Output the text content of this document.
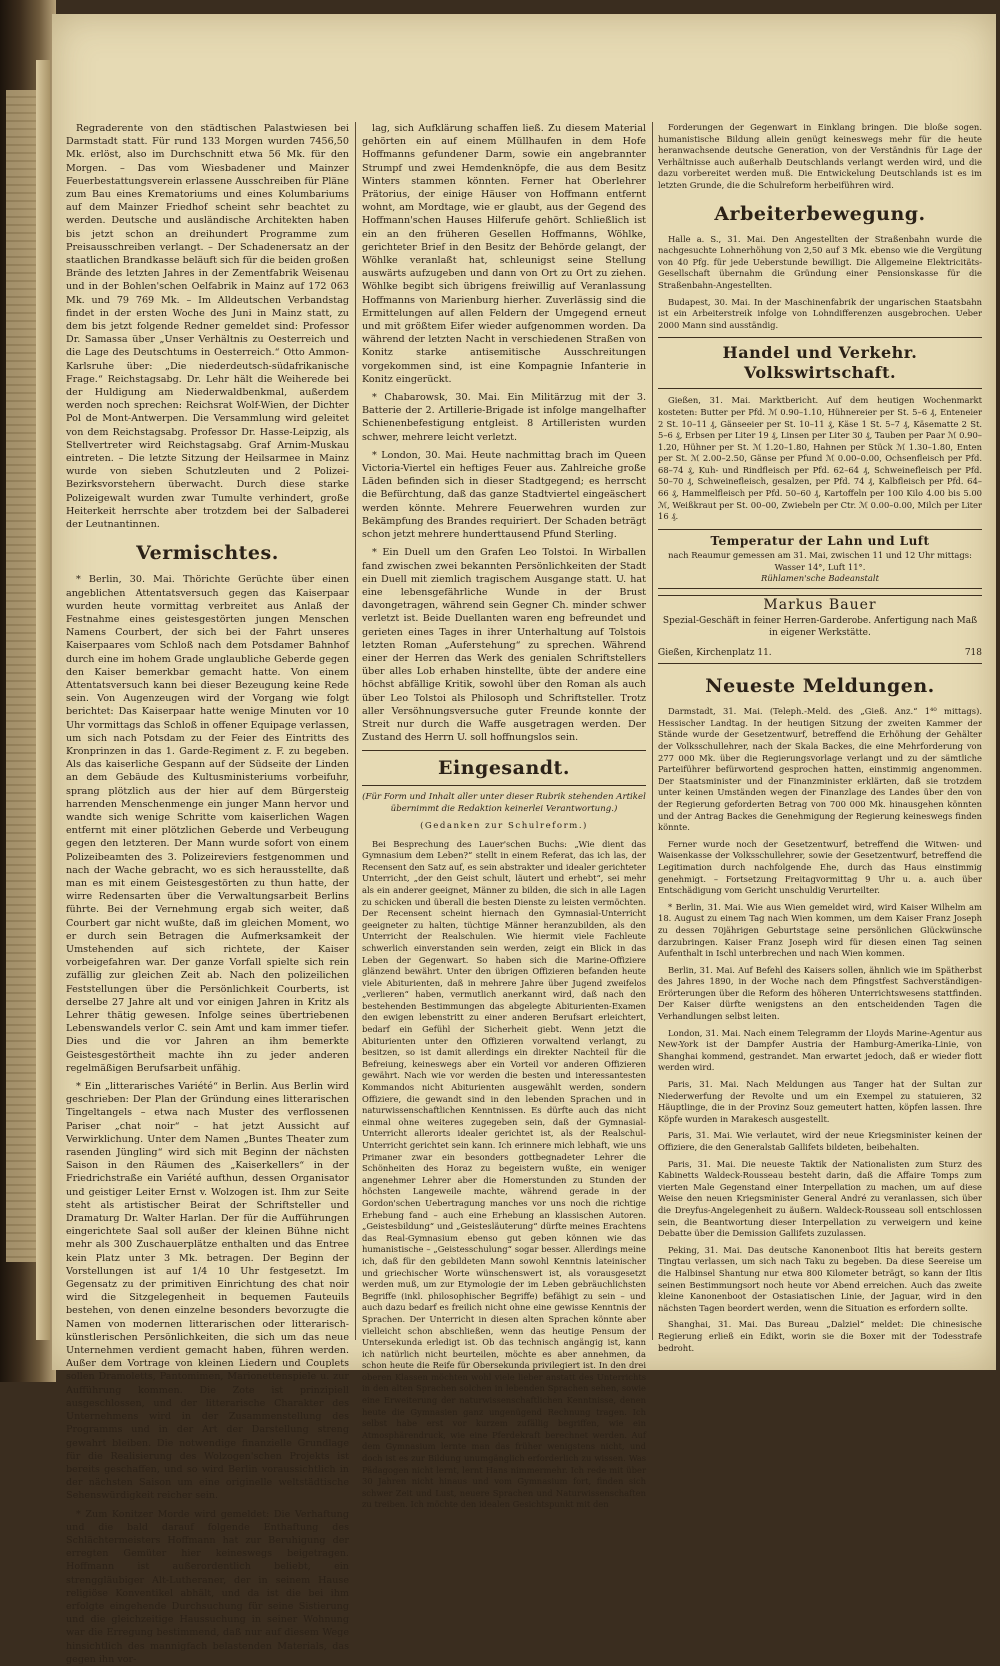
Regraderente von den städtischen Palastwiesen bei Darmstadt statt. Für rund 133 Morgen wurden 7456,50 Mk. erlöst, also im Durchschnitt etwa 56 Mk. für den Morgen. – Das vom Wiesbadener und Mainzer Feuerbestattungsverein erlassene Ausschreiben für Pläne zum Bau eines Krematoriums und eines Kolumbariums auf dem Mainzer Friedhof scheint sehr beachtet zu werden. Deutsche und ausländische Architekten haben bis jetzt schon an dreihundert Programme zum Preisausschreiben verlangt. – Der Schadenersatz an der staatlichen Brandkasse beläuft sich für die beiden großen Brände des letzten Jahres in der Zementfabrik Weisenau und in der Bohlen'schen Oelfabrik in Mainz auf 172 063 Mk. und 79 769 Mk. – Im Alldeutschen Verbandstag findet in der ersten Woche des Juni in Mainz statt, zu dem bis jetzt folgende Redner gemeldet sind: Professor Dr. Samassa über „Unser Verhältnis zu Oesterreich und die Lage des Deutschtums in Oesterreich.“ Otto Ammon-Karlsruhe über: „Die niederdeutsch-südafrikanische Frage.“ Reichstagsabg. Dr. Lehr hält die Weiherede bei der Huldigung am Niederwaldbenkmal, außerdem werden noch sprechen: Reichsrat Wolf-Wien, der Dichter Pol de Mont-Antwerpen. Die Versammlung wird geleitet von dem Reichstagsabg. Professor Dr. Hasse-Leipzig, als Stellvertreter wird Reichstagsabg. Graf Arnim-Muskau eintreten. – Die letzte Sitzung der Heilsarmee in Mainz wurde von sieben Schutzleuten und 2 Polizei-Bezirksvorstehern überwacht. Durch diese starke Polizeigewalt wurden zwar Tumulte verhindert, große Heiterkeit herrschte aber trotzdem bei der Salbaderei der Leutnantinnen.

Vermischtes.

* Berlin, 30. Mai. Thörichte Gerüchte über einen angeblichen Attentatsversuch gegen das Kaiserpaar wurden heute vormittag verbreitet aus Anlaß der Festnahme eines geistesgestörten jungen Menschen Namens Courbert, der sich bei der Fahrt unseres Kaiserpaares vom Schloß nach dem Potsdamer Bahnhof durch eine im hohem Grade unglaubliche Geberde gegen den Kaiser bemerkbar gemacht hatte. Von einem Attentatsversuch kann bei dieser Bezeugung keine Rede sein. Von Augenzeugen wird der Vorgang wie folgt berichtet: Das Kaiserpaar hatte wenige Minuten vor 10 Uhr vormittags das Schloß in offener Equipage verlassen, um sich nach Potsdam zu der Feier des Eintritts des Kronprinzen in das 1. Garde-Regiment z. F. zu begeben. Als das kaiserliche Gespann auf der Südseite der Linden an dem Gebäude des Kultusministeriums vorbeifuhr, sprang plötzlich aus der hier auf dem Bürgersteig harrenden Menschenmenge ein junger Mann hervor und wandte sich wenige Schritte vom kaiserlichen Wagen entfernt mit einer plötzlichen Geberde und Verbeugung gegen den letzteren. Der Mann wurde sofort von einem Polizeibeamten des 3. Polizeireviers festgenommen und nach der Wache gebracht, wo es sich herausstellte, daß man es mit einem Geistesgestörten zu thun hatte, der wirre Redensarten über die Verwaltungsarbeit Berlins führte. Bei der Vernehmung ergab sich weiter, daß Courbert gar nicht wußte, daß im gleichen Moment, wo er durch sein Betragen die Aufmerksamkeit der Umstehenden auf sich richtete, der Kaiser vorbeigefahren war. Der ganze Vorfall spielte sich rein zufällig zur gleichen Zeit ab. Nach den polizeilichen Feststellungen über die Persönlichkeit Courberts, ist derselbe 27 Jahre alt und vor einigen Jahren in Kritz als Lehrer thätig gewesen. Infolge seines übertriebenen Lebenswandels verlor C. sein Amt und kam immer tiefer. Dies und die vor Jahren an ihm bemerkte Geistesgestörtheit machte ihn zu jeder anderen regelmäßigen Berufsarbeit unfähig.

* Ein „litterarisches Variété“ in Berlin. Aus Berlin wird geschrieben: Der Plan der Gründung eines litterarischen Tingeltangels – etwa nach Muster des verflossenen Pariser „chat noir“ – hat jetzt Aussicht auf Verwirklichung. Unter dem Namen „Buntes Theater zum rasenden Jüngling“ wird sich mit Beginn der nächsten Saison in den Räumen des „Kaiserkellers“ in der Friedrichstraße ein Variété aufthun, dessen Organisator und geistiger Leiter Ernst v. Wolzogen ist. Ihm zur Seite steht als artistischer Beirat der Schriftsteller und Dramaturg Dr. Walter Harlan. Der für die Aufführungen eingerichtete Saal soll außer der kleinen Bühne nicht mehr als 300 Zuschauerplätze enthalten und das Entree kein Platz unter 3 Mk. betragen. Der Beginn der Vorstellungen ist auf 1/4 10 Uhr festgesetzt. Im Gegensatz zu der primitiven Einrichtung des chat noir wird die Sitzgelegenheit in bequemen Fauteuils bestehen, von denen einzelne besonders bevorzugte die Namen von modernen litterarischen oder litterarisch-künstlerischen Persönlichkeiten, die sich um das neue Unternehmen verdient gemacht haben, führen werden. Außer dem Vortrage von kleinen Liedern und Couplets sollen Dramoletts, Pantomimen, Marionettenspiele u. zur Aufführung kommen. Die Zote ist prinzipiell ausgeschlossen, und der litterarische Charakter des Unternehmens wird in der Zusammenstellung des Programms und in der Art der Darstellung streng gewahrt bleiben. Die notwendige finanzielle Grundlage für die Realisierung des Wolzogen'schen Projekts ist bereits geschaffen, und so wird Berlin voraussichtlich in der nächsten Saison um eine originelle weltstädtische Sehenswürdigkeit reicher sein.

* Zum Konitzer Morde wird gemeldet: Die Verhaftung und die bald darauf folgende Enthaftung des Schlächtermeisters Hoffmann hat zur Beruhigung der erregten Gemüter hier keineswegs beigetragen. Hoffmann ist außerordentlich beliebt, ein strenggläubiger Alt-Lutheraner, der in seinem Hause religiöse Konventikel abhält, und da ist die bei ihm erfolgte eingehende Durchsuchung für seine Sistierung und die gleichzeitige Haussuchung in seiner Wohnung war die Erregung bestimmend, daß nur auf diesem Wege hinsichtlich des mannigfach belastenden Materials, das gegen ihn vor-

lag, sich Aufklärung schaffen ließ. Zu diesem Material gehörten ein auf einem Müllhaufen in dem Hofe Hoffmanns gefundener Darm, sowie ein angebrannter Strumpf und zwei Hemdenknöpfe, die aus dem Besitz Winters stammen könnten. Ferner hat Oberlehrer Prätorius, der einige Häuser von Hoffmann entfernt wohnt, am Mordtage, wie er glaubt, aus der Gegend des Hoffmann'schen Hauses Hilferufe gehört. Schließlich ist ein an den früheren Gesellen Hoffmanns, Wöhlke, gerichteter Brief in den Besitz der Behörde gelangt, der Wöhlke veranlaßt hat, schleunigst seine Stellung auswärts aufzugeben und dann von Ort zu Ort zu ziehen. Wöhlke begibt sich übrigens freiwillig auf Veranlassung Hoffmanns von Marienburg hierher. Zuverlässig sind die Ermittelungen auf allen Feldern der Umgegend erneut und mit größtem Eifer wieder aufgenommen worden. Da während der letzten Nacht in verschiedenen Straßen von Konitz starke antisemitische Ausschreitungen vorgekommen sind, ist eine Kompagnie Infanterie in Konitz eingerückt.

* Chabarowsk, 30. Mai. Ein Militärzug mit der 3. Batterie der 2. Artillerie-Brigade ist infolge mangelhafter Schienenbefestigung entgleist. 8 Artilleristen wurden schwer, mehrere leicht verletzt.

* London, 30. Mai. Heute nachmittag brach im Queen Victoria-Viertel ein heftiges Feuer aus. Zahlreiche große Läden befinden sich in dieser Stadtgegend; es herrscht die Befürchtung, daß das ganze Stadtviertel eingeäschert werden könnte. Mehrere Feuerwehren wurden zur Bekämpfung des Brandes requiriert. Der Schaden beträgt schon jetzt mehrere hunderttausend Pfund Sterling.

* Ein Duell um den Grafen Leo Tolstoi. In Wirballen fand zwischen zwei bekannten Persönlichkeiten der Stadt ein Duell mit ziemlich tragischem Ausgange statt. U. hat eine lebensgefährliche Wunde in der Brust davongetragen, während sein Gegner Ch. minder schwer verletzt ist. Beide Duellanten waren eng befreundet und gerieten eines Tages in ihrer Unterhaltung auf Tolstois letzten Roman „Auferstehung“ zu sprechen. Während einer der Herren das Werk des genialen Schriftstellers über alles Lob erhaben hinstellte, übte der andere eine höchst abfällige Kritik, sowohl über den Roman als auch über Leo Tolstoi als Philosoph und Schriftsteller. Trotz aller Versöhnungsversuche guter Freunde konnte der Streit nur durch die Waffe ausgetragen werden. Der Zustand des Herrn U. soll hoffnungslos sein.

Eingesandt.
(Für Form und Inhalt aller unter dieser Rubrik stehenden Artikel übernimmt die Redaktion keinerlei Verantwortung.)
(Gedanken zur Schulreform.)

Bei Besprechung des Lauer'schen Buchs: „Wie dient das Gymnasium dem Leben?“ stellt in einem Referat, das ich las, der Recensent den Satz auf, es sein abstrakter und idealer gerichteter Unterricht, „der den Geist schult, läutert und erhebt“, sei mehr als ein anderer geeignet, Männer zu bilden, die sich in alle Lagen zu schicken und überall die besten Dienste zu leisten vermöchten. Der Recensent scheint hiernach den Gymnasial-Unterricht geeigneter zu halten, tüchtige Männer heranzubilden, als den Unterricht der Realschulen. Wie hiermit viele Fachleute schwerlich einverstanden sein werden, zeigt ein Blick in das Leben der Gegenwart. So haben sich die Marine-Offiziere glänzend bewährt. Unter den übrigen Offizieren befanden heute viele Abiturienten, daß in mehrere Jahre über Jugend zweifelos „verlieren“ haben, vermutlich anerkannt wird, daß nach den bestehenden Bestimmungen das abgelegte Abiturienten-Examen den ewigen lebenstritt zu einer anderen Berufsart erleichtert, bedarf ein Gefühl der Sicherheit giebt. Wenn jetzt die Abiturienten unter den Offizieren vorwaltend verlangt, zu besitzen, so ist damit allerdings ein direkter Nachteil für die Befreiung, keineswegs aber ein Vorteil vor anderen Offizieren gewährt. Nach wie vor werden die besten und interessantesten Kommandos nicht Abiturienten ausgewählt werden, sondern Offiziere, die gewandt sind in den lebenden Sprachen und in naturwissenschaftlichen Kenntnissen. Es dürfte auch das nicht einmal ohne weiteres zugegeben sein, daß der Gymnasial-Unterricht allerorts idealer gerichtet ist, als der Realschul-Unterricht gerichtet sein kann. Ich erinnere mich lebhaft, wie uns Primaner zwar ein besonders gottbegnadeter Lehrer die Schönheiten des Horaz zu begeistern wußte, ein weniger angenehmer Lehrer aber die Homerstunden zu Stunden der höchsten Langeweile machte, während gerade in der Gordon'schen Uebertragung manches vor uns noch die richtige Erhebung fand – auch eine Erhebung an klassischen Autoren. „Geistesbildung“ und „Geistesläuterung“ dürfte meines Erachtens das Real-Gymnasium ebenso gut geben können wie das humanistische – „Geistesschulung“ sogar besser. Allerdings meine ich, daß für den gebildeten Mann sowohl Kenntnis lateinischer und griechischer Worte wünschenswert ist, als vorausgesetzt werden muß, um zur Etymologie der im Leben gebräuchlichsten Begriffe (inkl. philosophischer Begriffe) befähigt zu sein – und auch dazu bedarf es freilich nicht ohne eine gewisse Kenntnis der Sprachen. Der Unterricht in diesen alten Sprachen könnte aber vielleicht schon abschließen, wenn das heutige Pensum der Untersekunda erledigt ist. Ob das technisch angängig ist, kann ich natürlich nicht beurteilen, möchte es aber annehmen, da schon heute die Reife für Obersekunda privilegiert ist. In den drei oberen Klassen möchten wohl viele lieber anstatt des Unterrichts in den alten Sprachen solchen in lebenden Sprachen sehen, sowie eine Erweiterung der naturwissenschaftlichen Kenntnisse, denen heute die Gymnasien ganz ungenügend Rechnung tragen. Ich selbst habe erst vor kurzem zufällig begriffen, wie ein Atmosphärendruck, wie eine Pferdekraft berechnet werden. Auf dem Gymnasium lernte man das früher wenigstens nicht, und doch ist es zur Bildung unumgänglich erforderlich zu wissen. Was Pädagogen nicht lernt, lernt Hans nimmermehr. Ich rede mit über 30 Jahren nicht hinaus und vom Gymnasium fort, finden sich schwer Zeit und Lust, neuere Sprachen und Naturwissenschaften zu treiben. Ich möchte den idealen Gesichtspunkt mit den

Forderungen der Gegenwart in Einklang bringen. Die bloße sogen. humanistische Bildung allein genügt keineswegs mehr für die heute heranwachsende deutsche Generation, von der Verständnis für Lage der Verhältnisse auch außerhalb Deutschlands verlangt werden wird, und die dazu vorbereitet werden muß. Die Entwickelung Deutschlands ist es im letzten Grunde, die die Schulreform herbeiführen wird.

Arbeiterbewegung.

Halle a. S., 31. Mai. Den Angestellten der Straßenbahn wurde die nachgesuchte Lohnerhöhung von 2,50 auf 3 Mk. ebenso wie die Vergütung von 40 Pfg. für jede Ueberstunde bewilligt. Die Allgemeine Elektricitäts-Gesellschaft übernahm die Gründung einer Pensionskasse für die Straßenbahn-Angestellten.

Budapest, 30. Mai. In der Maschinenfabrik der ungarischen Staatsbahn ist ein Arbeiterstreik infolge von Lohndifferenzen ausgebrochen. Ueber 2000 Mann sind ausständig.

Handel und Verkehr. Volkswirtschaft.

Gießen, 31. Mai. Marktbericht. Auf dem heutigen Wochenmarkt kosteten: Butter per Pfd. ℳ 0.90–1.10, Hühnereier per St. 5–6 ₰, Enteneier 2 St. 10–11 ₰, Gänseeier per St. 10–11 ₰, Käse 1 St. 5–7 ₰, Käsematte 2 St. 5–6 ₰, Erbsen per Liter 19 ₰, Linsen per Liter 30 ₰, Tauben per Paar ℳ 0.90–1.20, Hühner per St. ℳ 1.20–1.80, Hahnen per Stück ℳ 1.30–1.80, Enten per St. ℳ 2.00–2.50, Gänse per Pfund ℳ 0.00–0.00, Ochsenfleisch per Pfd. 68–74 ₰, Kuh- und Rindfleisch per Pfd. 62–64 ₰, Schweinefleisch per Pfd. 50–70 ₰, Schweinefleisch, gesalzen, per Pfd. 74 ₰, Kalbfleisch per Pfd. 64–66 ₰, Hammelfleisch per Pfd. 50–60 ₰, Kartoffeln per 100 Kilo 4.00 bis 5.00 ℳ, Weißkraut per St. 00–00, Zwiebeln per Ctr. ℳ 0.00–0.00, Milch per Liter 16 ₰.

Temperatur der Lahn und Luft
nach Reaumur gemessen am 31. Mai, zwischen 11 und 12 Uhr mittags:
Wasser 14°, Luft 11°.
Rühlamen'sche Badeanstalt
Markus Bauer
Spezial-Geschäft in feiner Herren-Garderobe. Anfertigung nach Maß
in eigener Werkstätte.
Gießen, Kirchenplatz 11.	718
Neueste Meldungen.

Darmstadt, 31. Mai. (Teleph.-Meld. des „Gieß. Anz.“ 1⁴⁰ mittags). Hessischer Landtag. In der heutigen Sitzung der zweiten Kammer der Stände wurde der Gesetzentwurf, betreffend die Erhöhung der Gehälter der Volksschullehrer, nach der Skala Backes, die eine Mehrforderung von 277 000 Mk. über die Regierungsvorlage verlangt und zu der sämtliche Parteiführer befürwortend gesprochen hatten, einstimmig angenommen. Der Staatsminister und der Finanzminister erklärten, daß sie trotzdem unter keinen Umständen wegen der Finanzlage des Landes über den von der Regierung geforderten Betrag von 700 000 Mk. hinausgehen könnten und der Antrag Backes die Genehmigung der Regierung keineswegs finden könnte.

Ferner wurde noch der Gesetzentwurf, betreffend die Witwen- und Waisenkasse der Volksschullehrer, sowie der Gesetzentwurf, betreffend die Legitimation durch nachfolgende Ehe, durch das Haus einstimmig genehmigt. – Fortsetzung Freitagvormittag 9 Uhr u. a. auch über Entschädigung vom Gericht unschuldig Verurteilter.

* Berlin, 31. Mai. Wie aus Wien gemeldet wird, wird Kaiser Wilhelm am 18. August zu einem Tag nach Wien kommen, um dem Kaiser Franz Joseph zu dessen 70jährigen Geburtstage seine persönlichen Glückwünsche darzubringen. Kaiser Franz Joseph wird für diesen einen Tag seinen Aufenthalt in Ischl unterbrechen und nach Wien kommen.

Berlin, 31. Mai. Auf Befehl des Kaisers sollen, ähnlich wie im Spätherbst des Jahres 1890, in der Woche nach dem Pfingstfest Sachverständigen-Erörterungen über die Reform des höheren Unterrichtswesens stattfinden. Der Kaiser dürfte wenigstens an den entscheidenden Tagen die Verhandlungen selbst leiten.

London, 31. Mai. Nach einem Telegramm der Lloyds Marine-Agentur aus New-York ist der Dampfer Austria der Hamburg-Amerika-Linie, von Shanghai kommend, gestrandet. Man erwartet jedoch, daß er wieder flott werden wird.

Paris, 31. Mai. Nach Meldungen aus Tanger hat der Sultan zur Niederwerfung der Revolte und um ein Exempel zu statuieren, 32 Häuptlinge, die in der Provinz Souz gemeutert hatten, köpfen lassen. Ihre Köpfe wurden in Marakesch ausgestellt.

Paris, 31. Mai. Wie verlautet, wird der neue Kriegsminister keinen der Offiziere, die den Generalstab Gallifets bildeten, beibehalten.

Paris, 31. Mai. Die neueste Taktik der Nationalisten zum Sturz des Kabinetts Waldeck-Rousseau besteht darin, daß die Affaire Tomps zum vierten Male Gegenstand einer Interpellation zu machen, um auf diese Weise den neuen Kriegsminister General André zu veranlassen, sich über die Dreyfus-Angelegenheit zu äußern. Waldeck-Rousseau soll entschlossen sein, die Beantwortung dieser Interpellation zu verweigern und keine Debatte über die Demission Gallifets zuzulassen.

Peking, 31. Mai. Das deutsche Kanonenboot Iltis hat bereits gestern Tingtau verlassen, um sich nach Taku zu begeben. Da diese Seereise um die Halbinsel Shantung nur etwa 800 Kilometer beträgt, so kann der Iltis seinen Bestimmungsort noch heute vor Abend erreichen. Auch das zweite kleine Kanonenboot der Ostasiatischen Linie, der Jaguar, wird in den nächsten Tagen beordert werden, wenn die Situation es erfordern sollte.

Shanghai, 31. Mai. Das Bureau „Dalziel“ meldet: Die chinesische Regierung erließ ein Edikt, worin sie die Boxer mit der Todesstrafe bedroht.
